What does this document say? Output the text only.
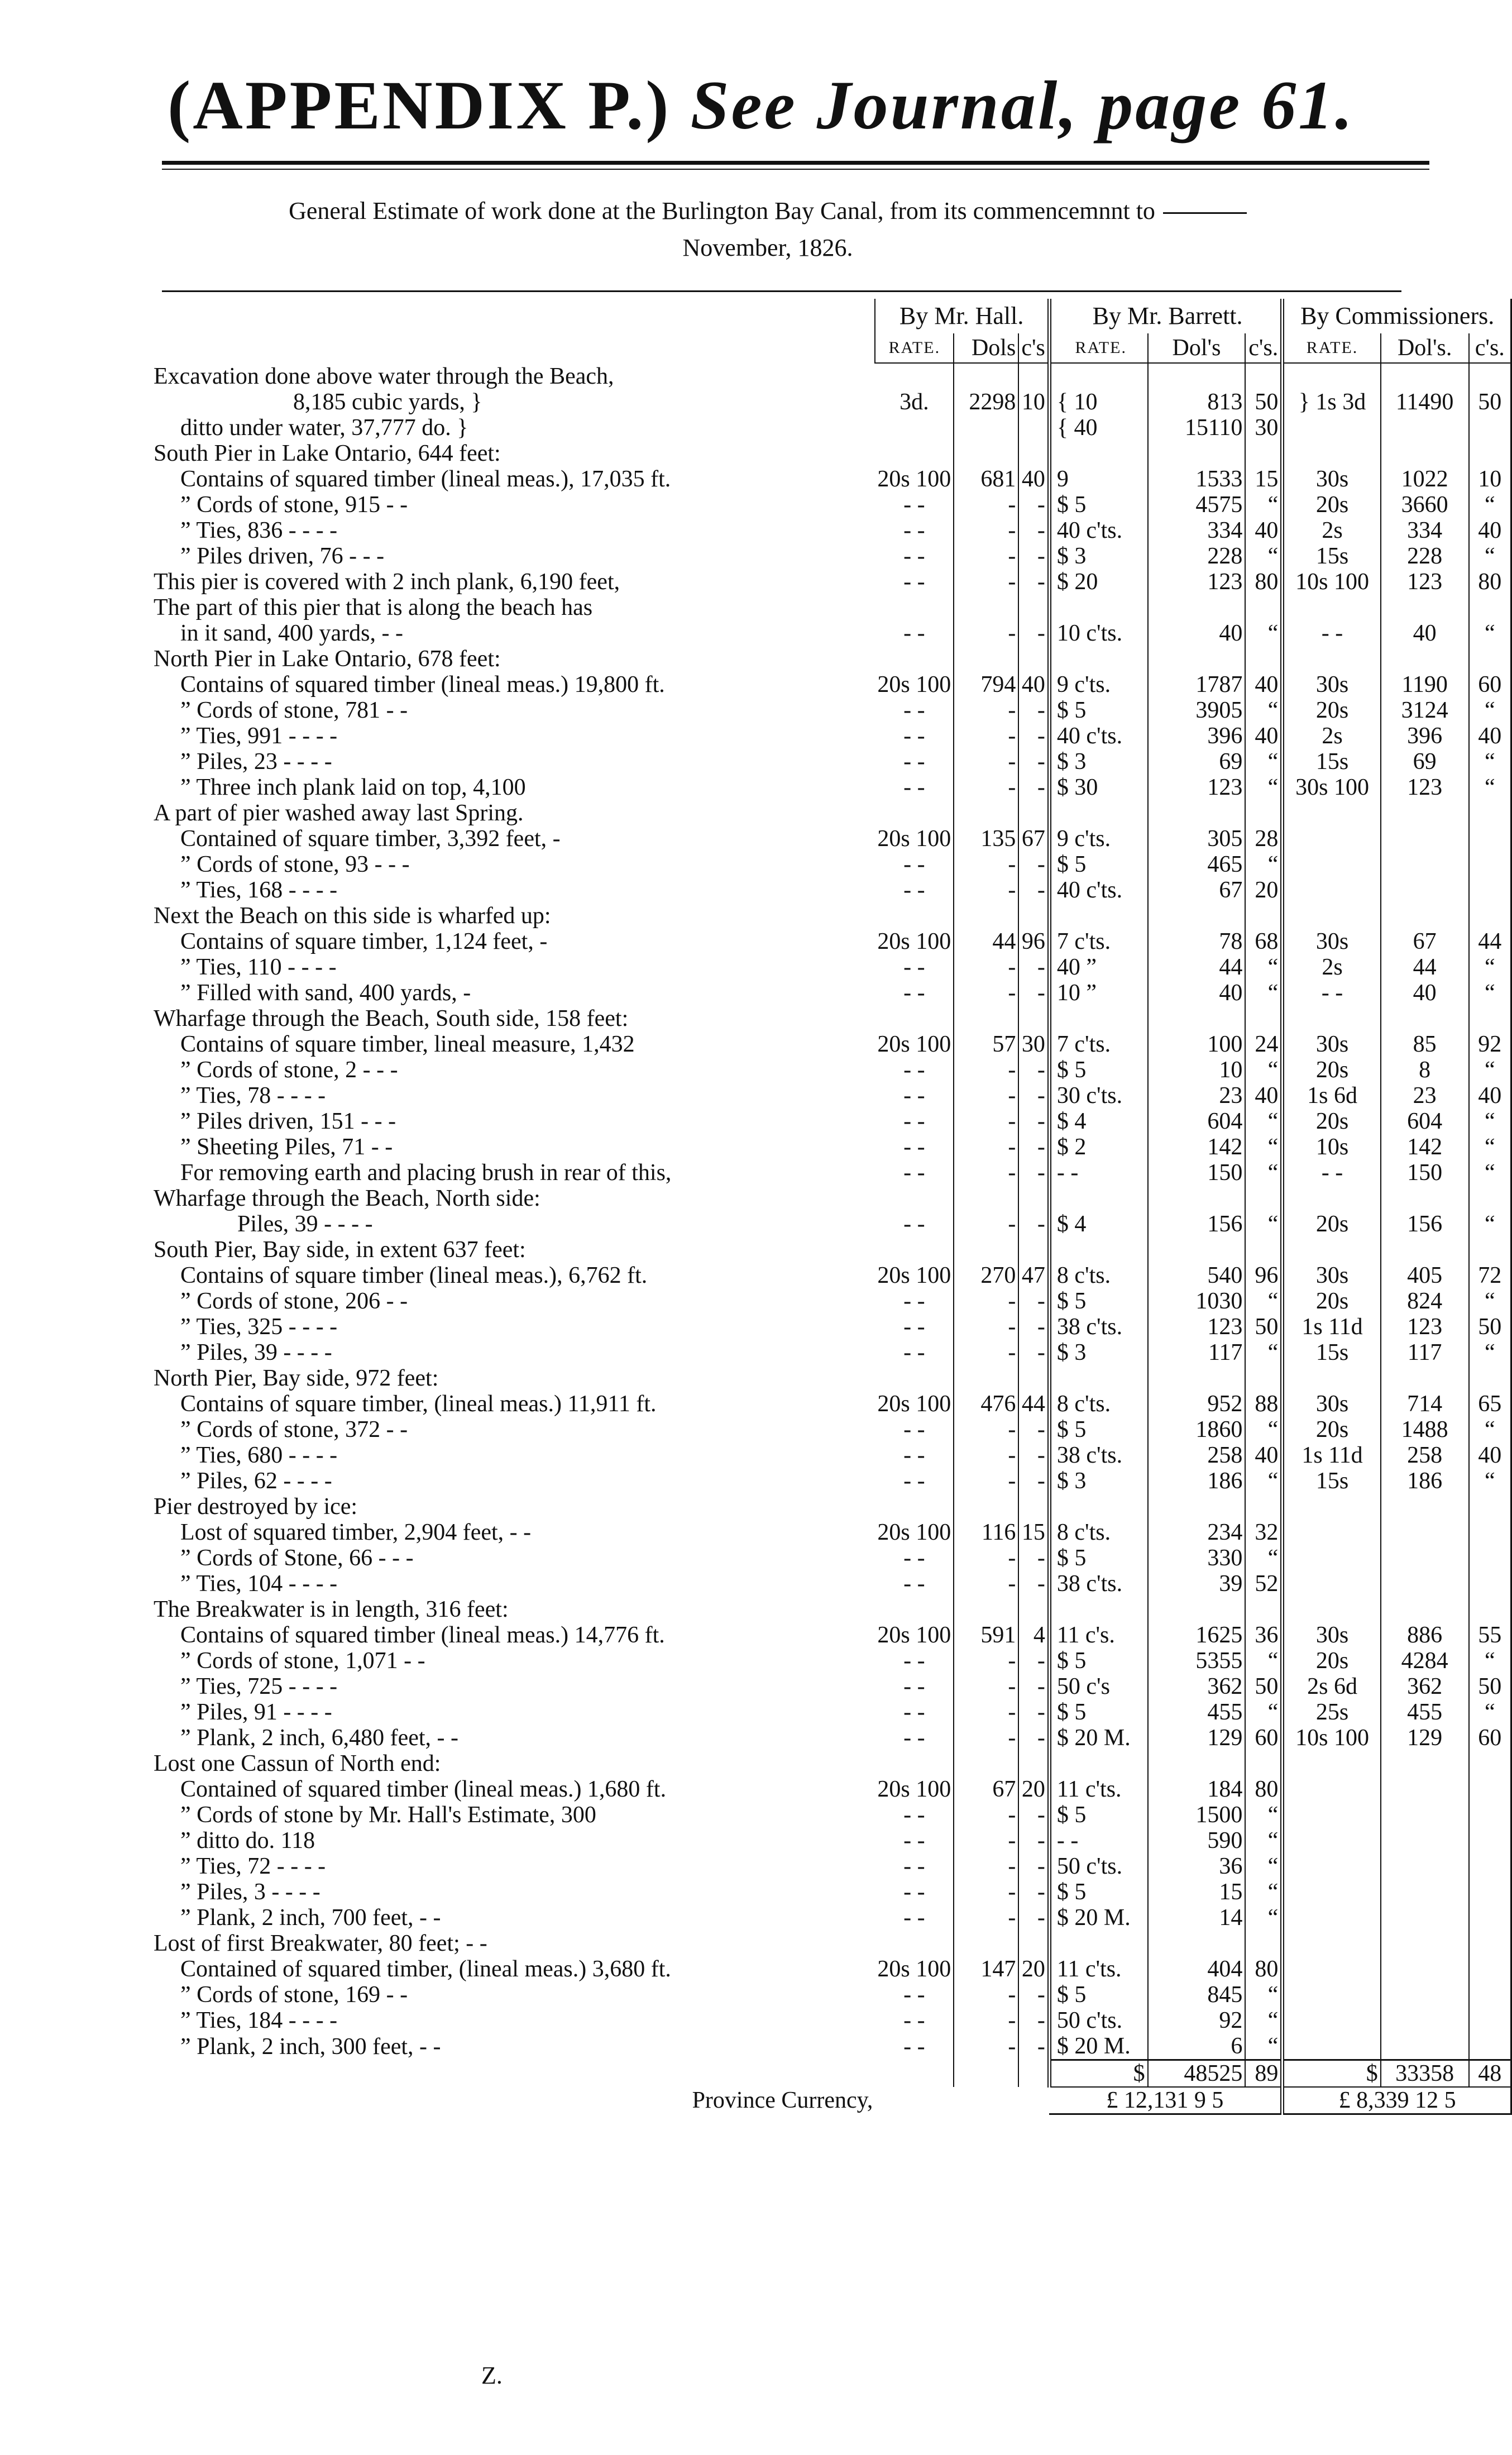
(APPENDIX P.) See Journal, page 61.
General Estimate of work done at the Burlington Bay Canal, from its commencemnnt to
November, 1826.
	By Mr. Hall.			By Mr. Barrett.			By Commissioners.		
	RATE.	Dols	c's	RATE.	Dol's	c's.	RATE.	Dol's.	c's.
Excavation done above water through the Beach,									
8,185 cubic yards, }	3d.	2298	10	{ 10	813	50	} 1s 3d	11490	50
ditto under water, 37,777 do. }				{ 40	15110	30			
South Pier in Lake Ontario, 644 feet:									
Contains of squared timber (lineal meas.), 17,035 ft.	20s 100	681	40	9	1533	15	30s	1022	10
” Cords of stone, 915 - -	- -	-	-	$ 5	4575	“	20s	3660	“
” Ties, 836 - - - -	- -	-	-	40 c'ts.	334	40	2s	334	40
” Piles driven, 76 - - -	- -	-	-	$ 3	228	“	15s	228	“
This pier is covered with 2 inch plank, 6,190 feet,	- -	-	-	$ 20	123	80	10s 100	123	80
The part of this pier that is along the beach has									
in it sand, 400 yards, - -	- -	-	-	10 c'ts.	40	“	- -	40	“
North Pier in Lake Ontario, 678 feet:									
Contains of squared timber (lineal meas.) 19,800 ft.	20s 100	794	40	9 c'ts.	1787	40	30s	1190	60
” Cords of stone, 781 - -	- -	-	-	$ 5	3905	“	20s	3124	“
” Ties, 991 - - - -	- -	-	-	40 c'ts.	396	40	2s	396	40
” Piles, 23 - - - -	- -	-	-	$ 3	69	“	15s	69	“
” Three inch plank laid on top, 4,100	- -	-	-	$ 30	123	“	30s 100	123	“
A part of pier washed away last Spring.									
Contained of square timber, 3,392 feet, -	20s 100	135	67	9 c'ts.	305	28			
” Cords of stone, 93 - - -	- -	-	-	$ 5	465	“			
” Ties, 168 - - - -	- -	-	-	40 c'ts.	67	20			
Next the Beach on this side is wharfed up:									
Contains of square timber, 1,124 feet, -	20s 100	44	96	7 c'ts.	78	68	30s	67	44
” Ties, 110 - - - -	- -	-	-	40 ”	44	“	2s	44	“
” Filled with sand, 400 yards, -	- -	-	-	10 ”	40	“	- -	40	“
Wharfage through the Beach, South side, 158 feet:									
Contains of square timber, lineal measure, 1,432	20s 100	57	30	7 c'ts.	100	24	30s	85	92
” Cords of stone, 2 - - -	- -	-	-	$ 5	10	“	20s	8	“
” Ties, 78 - - - -	- -	-	-	30 c'ts.	23	40	1s 6d	23	40
” Piles driven, 151 - - -	- -	-	-	$ 4	604	“	20s	604	“
” Sheeting Piles, 71 - -	- -	-	-	$ 2	142	“	10s	142	“
For removing earth and placing brush in rear of this,	- -	-	-	- -	150	“	- -	150	“
Wharfage through the Beach, North side:									
Piles, 39 - - - -	- -	-	-	$ 4	156	“	20s	156	“
South Pier, Bay side, in extent 637 feet:									
Contains of square timber (lineal meas.), 6,762 ft.	20s 100	270	47	8 c'ts.	540	96	30s	405	72
” Cords of stone, 206 - -	- -	-	-	$ 5	1030	“	20s	824	“
” Ties, 325 - - - -	- -	-	-	38 c'ts.	123	50	1s 11d	123	50
” Piles, 39 - - - -	- -	-	-	$ 3	117	“	15s	117	“
North Pier, Bay side, 972 feet:									
Contains of square timber, (lineal meas.) 11,911 ft.	20s 100	476	44	8 c'ts.	952	88	30s	714	65
” Cords of stone, 372 - -	- -	-	-	$ 5	1860	“	20s	1488	“
” Ties, 680 - - - -	- -	-	-	38 c'ts.	258	40	1s 11d	258	40
” Piles, 62 - - - -	- -	-	-	$ 3	186	“	15s	186	“
Pier destroyed by ice:									
Lost of squared timber, 2,904 feet, - -	20s 100	116	15	8 c'ts.	234	32			
” Cords of Stone, 66 - - -	- -	-	-	$ 5	330	“			
” Ties, 104 - - - -	- -	-	-	38 c'ts.	39	52			
The Breakwater is in length, 316 feet:									
Contains of squared timber (lineal meas.) 14,776 ft.	20s 100	591	4	11 c's.	1625	36	30s	886	55
” Cords of stone, 1,071 - -	- -	-	-	$ 5	5355	“	20s	4284	“
” Ties, 725 - - - -	- -	-	-	50 c's	362	50	2s 6d	362	50
” Piles, 91 - - - -	- -	-	-	$ 5	455	“	25s	455	“
” Plank, 2 inch, 6,480 feet, - -	- -	-	-	$ 20 M.	129	60	10s 100	129	60
Lost one Cassun of North end:									
Contained of squared timber (lineal meas.) 1,680 ft.	20s 100	67	20	11 c'ts.	184	80			
” Cords of stone by Mr. Hall's Estimate, 300	- -	-	-	$ 5	1500	“			
” ditto do. 118	- -	-	-	- -	590	“			
” Ties, 72 - - - -	- -	-	-	50 c'ts.	36	“			
” Piles, 3 - - - -	- -	-	-	$ 5	15	“			
” Plank, 2 inch, 700 feet, - -	- -	-	-	$ 20 M.	14	“			
Lost of first Breakwater, 80 feet; - -									
Contained of squared timber, (lineal meas.) 3,680 ft.	20s 100	147	20	11 c'ts.	404	80			
” Cords of stone, 169 - -	- -	-	-	$ 5	845	“			
” Ties, 184 - - - -	- -	-	-	50 c'ts.	92	“			
” Plank, 2 inch, 300 feet, - -	- -	-	-	$ 20 M.	6	“			
				$	48525	89	$	33358	48
Province Currency,				£ 12,131 9 5			£ 8,339 12 5		
Z.
